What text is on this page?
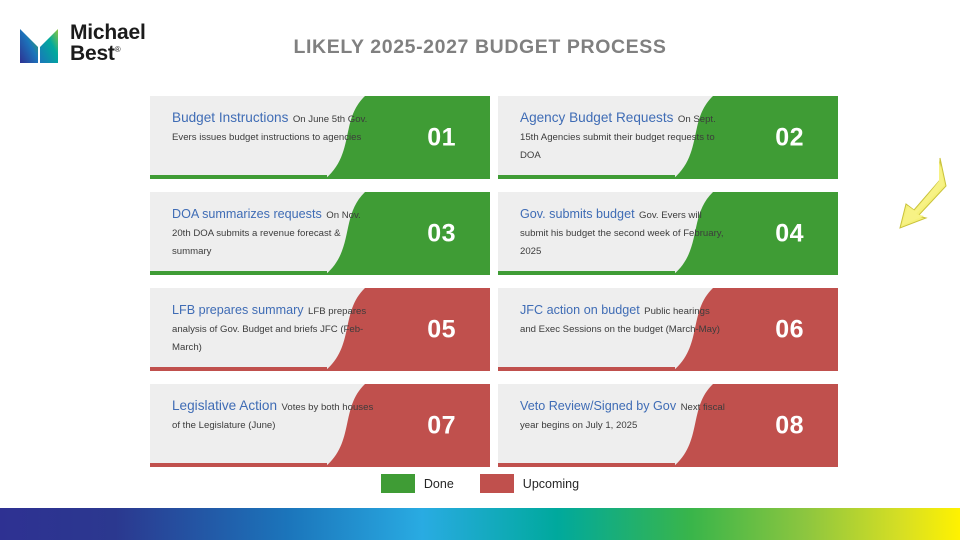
Michael
Best®	LIKELY 2025-2027 BUDGET PROCESS
Budget Instructions On June 5th Gov. Evers issues budget instructions to agencies	01
Agency Budget Requests On Sept. 15th Agencies submit their budget requests to DOA
02
DOA summarizes requests On Nov. 20th DOA submits a revenue forecast & summary
03
Gov. submits budget Gov. Evers will submit his budget the second week of February, 2025
04
LFB prepares summary LFB prepares analysis of Gov. Budget and briefs JFC (Feb-March)
05
JFC action on budget Public hearings and Exec Sessions on the budget (March-May) 06
Legislative Action Votes by both houses of the Legislature (June)	07
Veto Review/Signed by Gov Next fiscal year begins on July 1, 2025	08
Done	Upcoming
